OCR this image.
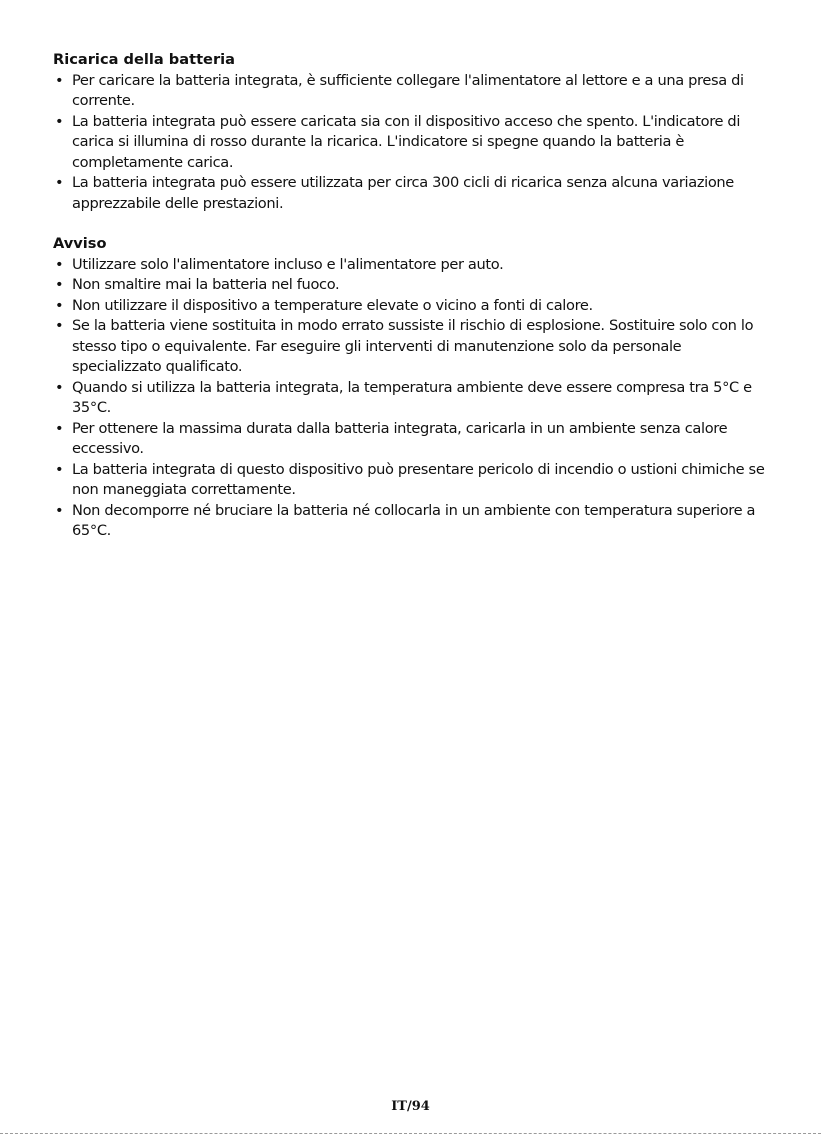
Ricarica della batteria
• Per caricare la batteria integrata, è sufficiente collegare l'alimentatore al lettore e a una presa di corrente.
• La batteria integrata può essere caricata sia con il dispositivo acceso che spento. L'indicatore di carica si illumina di rosso durante la ricarica. L'indicatore si spegne quando la batteria è completamente carica.
• La batteria integrata può essere utilizzata per circa 300 cicli di ricarica senza alcuna variazione apprezzabile delle prestazioni.
Avviso
• Utilizzare solo l'alimentatore incluso e l'alimentatore per auto.
• Non smaltire mai la batteria nel fuoco.
• Non utilizzare il dispositivo a temperature elevate o vicino a fonti di calore.
• Se la batteria viene sostituita in modo errato sussiste il rischio di esplosione. Sostituire solo con lo stesso tipo o equivalente. Far eseguire gli interventi di manutenzione solo da personale specializzato qualificato.
• Quando si utilizza la batteria integrata, la temperatura ambiente deve essere compresa tra 5°C e 35°C.
• Per ottenere la massima durata dalla batteria integrata, caricarla in un ambiente senza calore eccessivo.
• La batteria integrata di questo dispositivo può presentare pericolo di incendio o ustioni chimiche se non maneggiata correttamente.
• Non decomporre né bruciare la batteria né collocarla in un ambiente con temperatura superiore a 65°C.
IT/94
